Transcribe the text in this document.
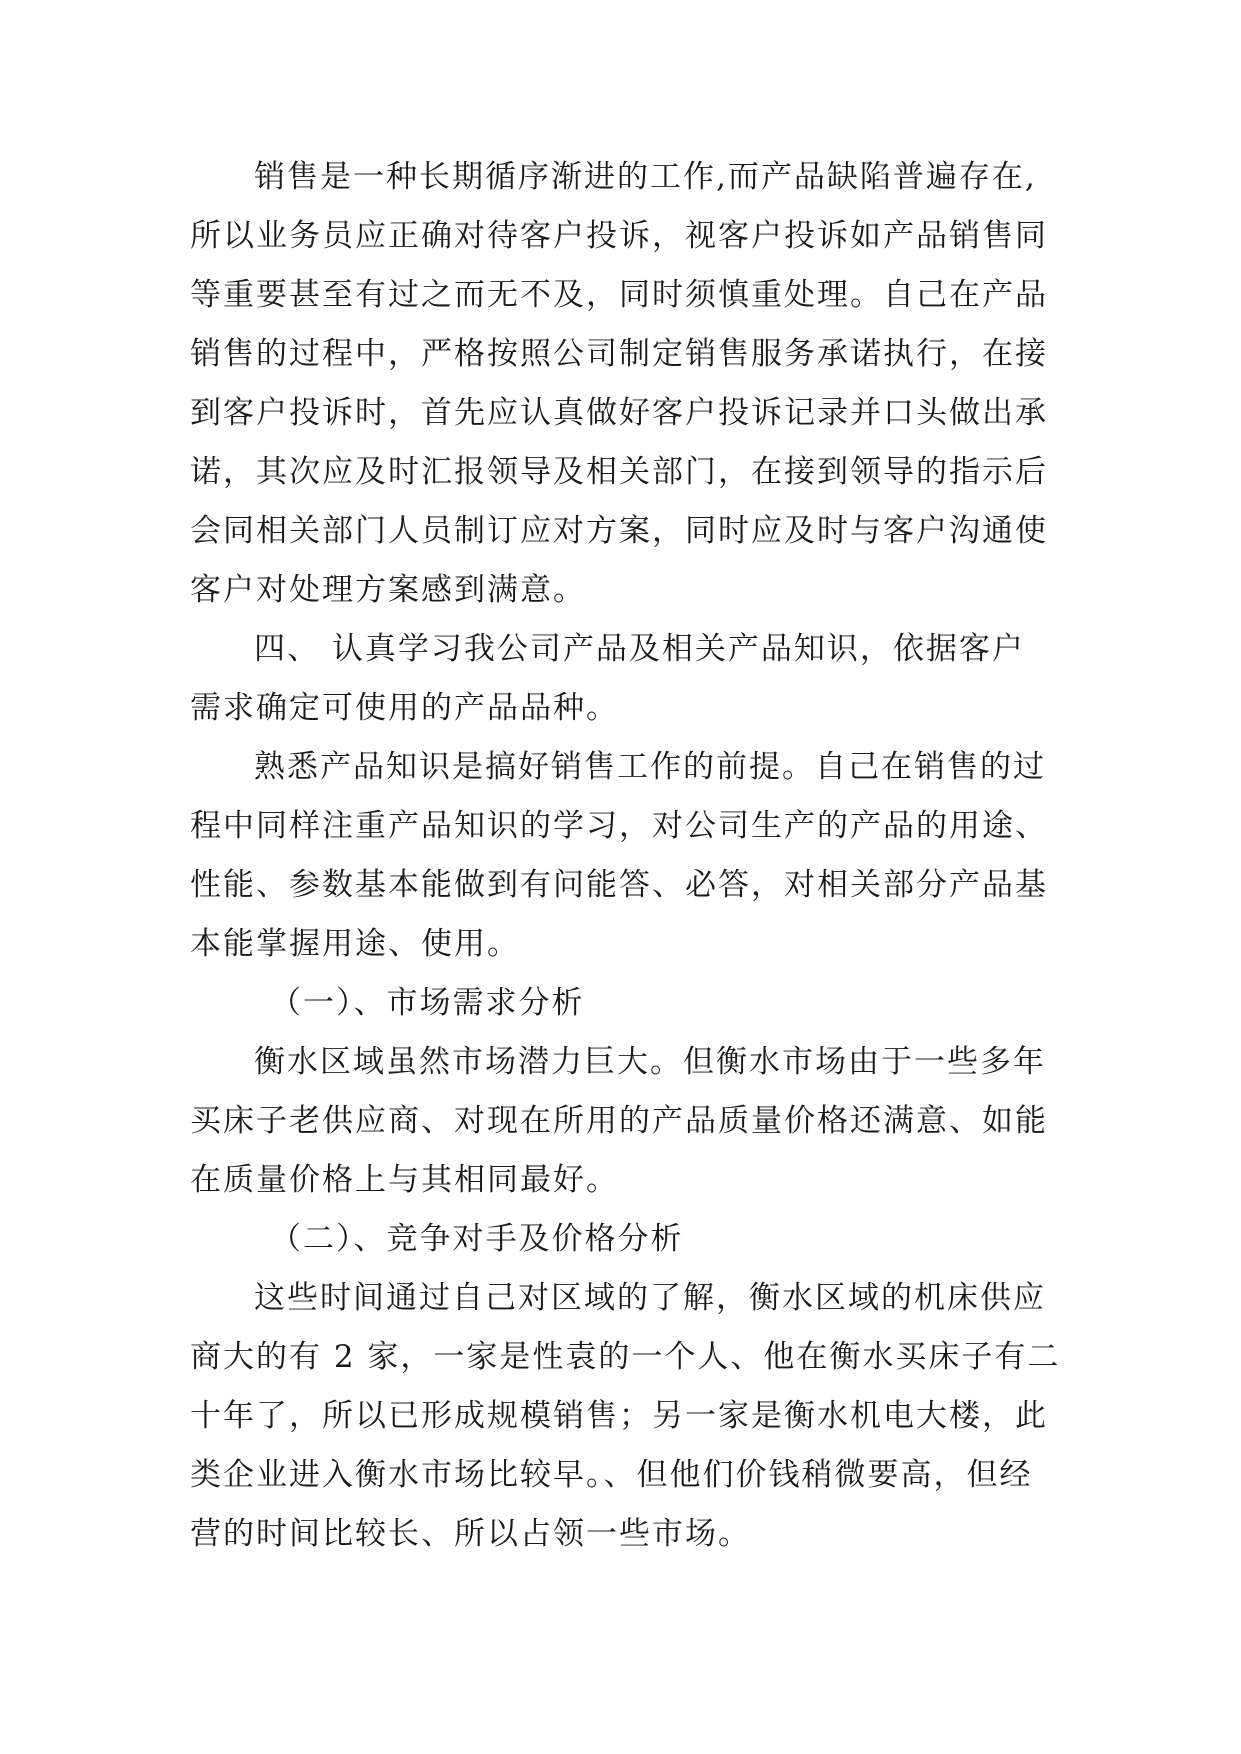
销售是一种长期循序渐进的工作,而产品缺陷普遍存在,
所以业务员应正确对待客户投诉，视客户投诉如产品销售同
等重要甚至有过之而无不及，同时须慎重处理。自己在产品
销售的过程中，严格按照公司制定销售服务承诺执行，在接
到客户投诉时，首先应认真做好客户投诉记录并口头做出承
诺，其次应及时汇报领导及相关部门，在接到领导的指示后
会同相关部门人员制订应对方案，同时应及时与客户沟通使
客户对处理方案感到满意。
四、 认真学习我公司产品及相关产品知识，依据客户
需求确定可使用的产品品种。
熟悉产品知识是搞好销售工作的前提。自己在销售的过
程中同样注重产品知识的学习，对公司生产的产品的用途、
性能、参数基本能做到有问能答、必答，对相关部分产品基
本能掌握用途、使用。
（一）、市场需求分析
衡水区域虽然市场潜力巨大。但衡水市场由于一些多年
买床子老供应商、对现在所用的产品质量价格还满意、如能
在质量价格上与其相同最好。
（二）、竞争对手及价格分析
这些时间通过自己对区域的了解，衡水区域的机床供应
商大的有 2 家，一家是性袁的一个人、他在衡水买床子有二
十年了，所以已形成规模销售；另一家是衡水机电大楼，此
类企业进入衡水市场比较早。、但他们价钱稍微要高，但经
营的时间比较长、所以占领一些市场。
